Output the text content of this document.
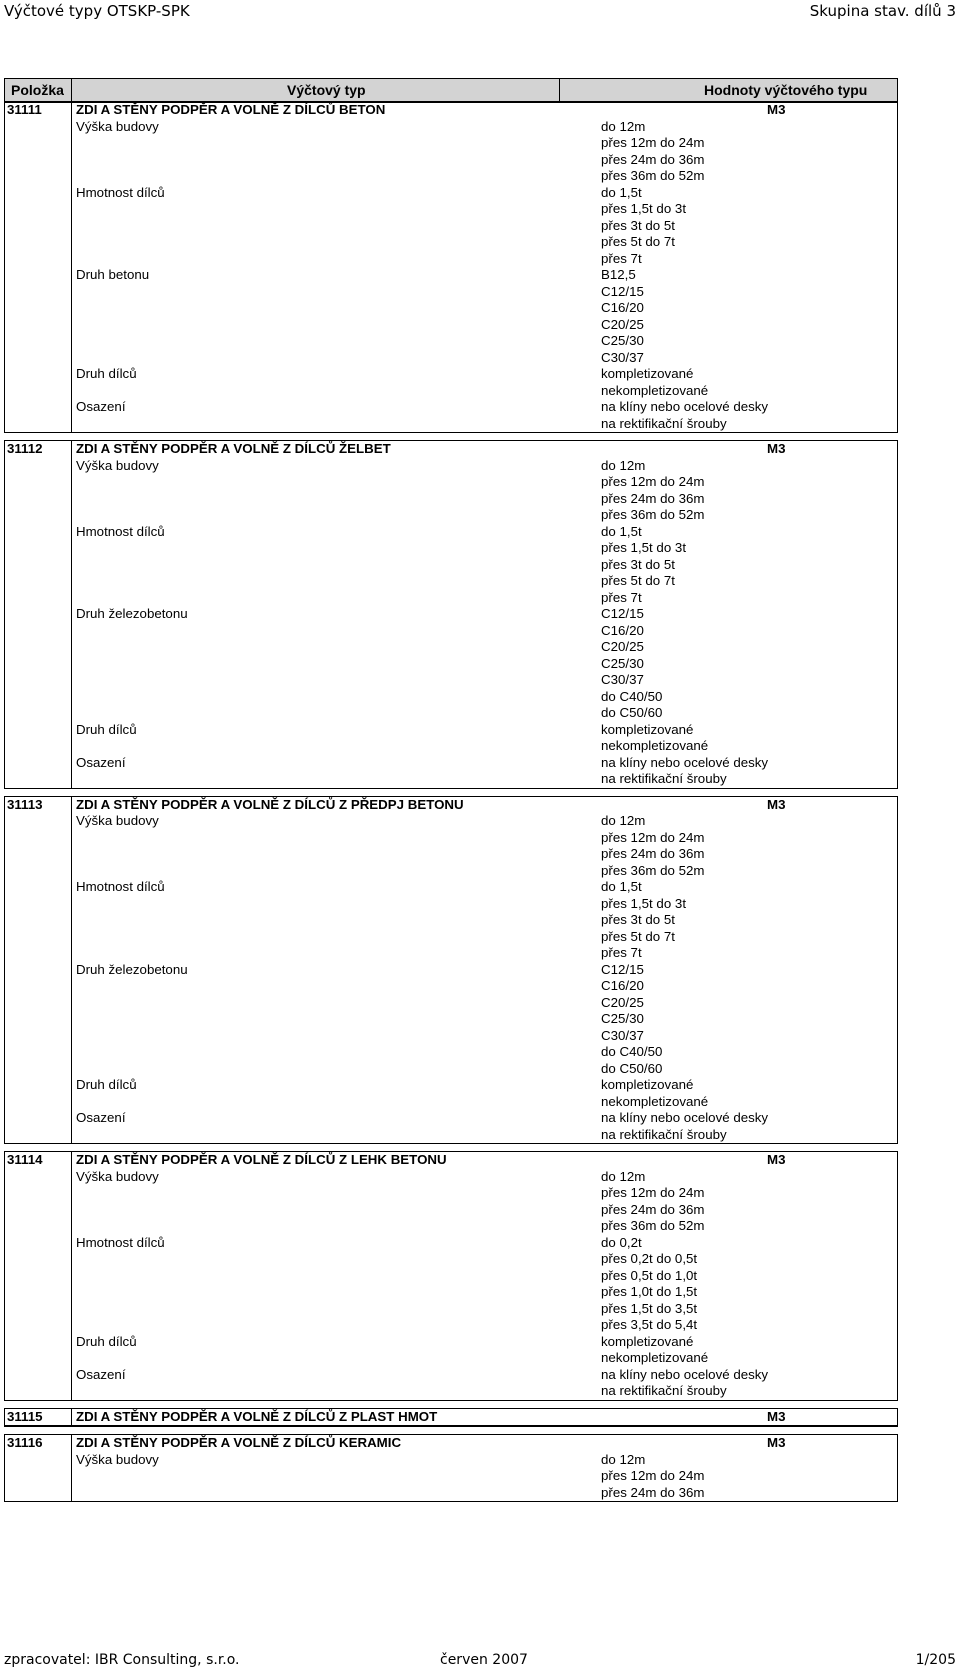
Výčtové typy OTSKP-SPK	Skupina stav. dílů 3
Položka	Výčtový typ	Hodnoty výčtového typu
31111	ZDI A STĚNY PODPĚR A VOLNĚ Z DÍLCŮ BETON	M3
Výška budovy	do 12m
přes 12m do 24m
přes 24m do 36m
přes 36m do 52m
Hmotnost dílců	do 1,5t
přes 1,5t do 3t
přes 3t do 5t
přes 5t do 7t
přes 7t
Druh betonu	B12,5
C12/15
C16/20
C20/25
C25/30
C30/37
Druh dílců	kompletizované
nekompletizované
Osazení	na klíny nebo ocelové desky
na rektifikační šrouby
31112	ZDI A STĚNY PODPĚR A VOLNĚ Z DÍLCŮ ŽELBET	M3
Výška budovy	do 12m
přes 12m do 24m
přes 24m do 36m
přes 36m do 52m
Hmotnost dílců	do 1,5t
přes 1,5t do 3t
přes 3t do 5t
přes 5t do 7t
přes 7t
Druh železobetonu	C12/15
C16/20
C20/25
C25/30
C30/37
do C40/50
do C50/60
Druh dílců	kompletizované
nekompletizované
Osazení	na klíny nebo ocelové desky
na rektifikační šrouby
31113	ZDI A STĚNY PODPĚR A VOLNĚ Z DÍLCŮ Z PŘEDPJ BETONU	M3
Výška budovy	do 12m
přes 12m do 24m
přes 24m do 36m
přes 36m do 52m
Hmotnost dílců	do 1,5t
přes 1,5t do 3t
přes 3t do 5t
přes 5t do 7t
přes 7t
Druh železobetonu	C12/15
C16/20
C20/25
C25/30
C30/37
do C40/50
do C50/60
Druh dílců	kompletizované
nekompletizované
Osazení	na klíny nebo ocelové desky
na rektifikační šrouby
31114	ZDI A STĚNY PODPĚR A VOLNĚ Z DÍLCŮ Z LEHK BETONU	M3
Výška budovy	do 12m
přes 12m do 24m
přes 24m do 36m
přes 36m do 52m
Hmotnost dílců	do 0,2t
přes 0,2t do 0,5t
přes 0,5t do 1,0t
přes 1,0t do 1,5t
přes 1,5t do 3,5t
přes 3,5t do 5,4t
Druh dílců	kompletizované
nekompletizované
Osazení	na klíny nebo ocelové desky
na rektifikační šrouby
31115	ZDI A STĚNY PODPĚR A VOLNĚ Z DÍLCŮ Z PLAST HMOT	M3
31116	ZDI A STĚNY PODPĚR A VOLNĚ Z DÍLCŮ KERAMIC	M3
Výška budovy	do 12m
přes 12m do 24m
přes 24m do 36m
zpracovatel: IBR Consulting, s.r.o.	červen 2007	1/205
